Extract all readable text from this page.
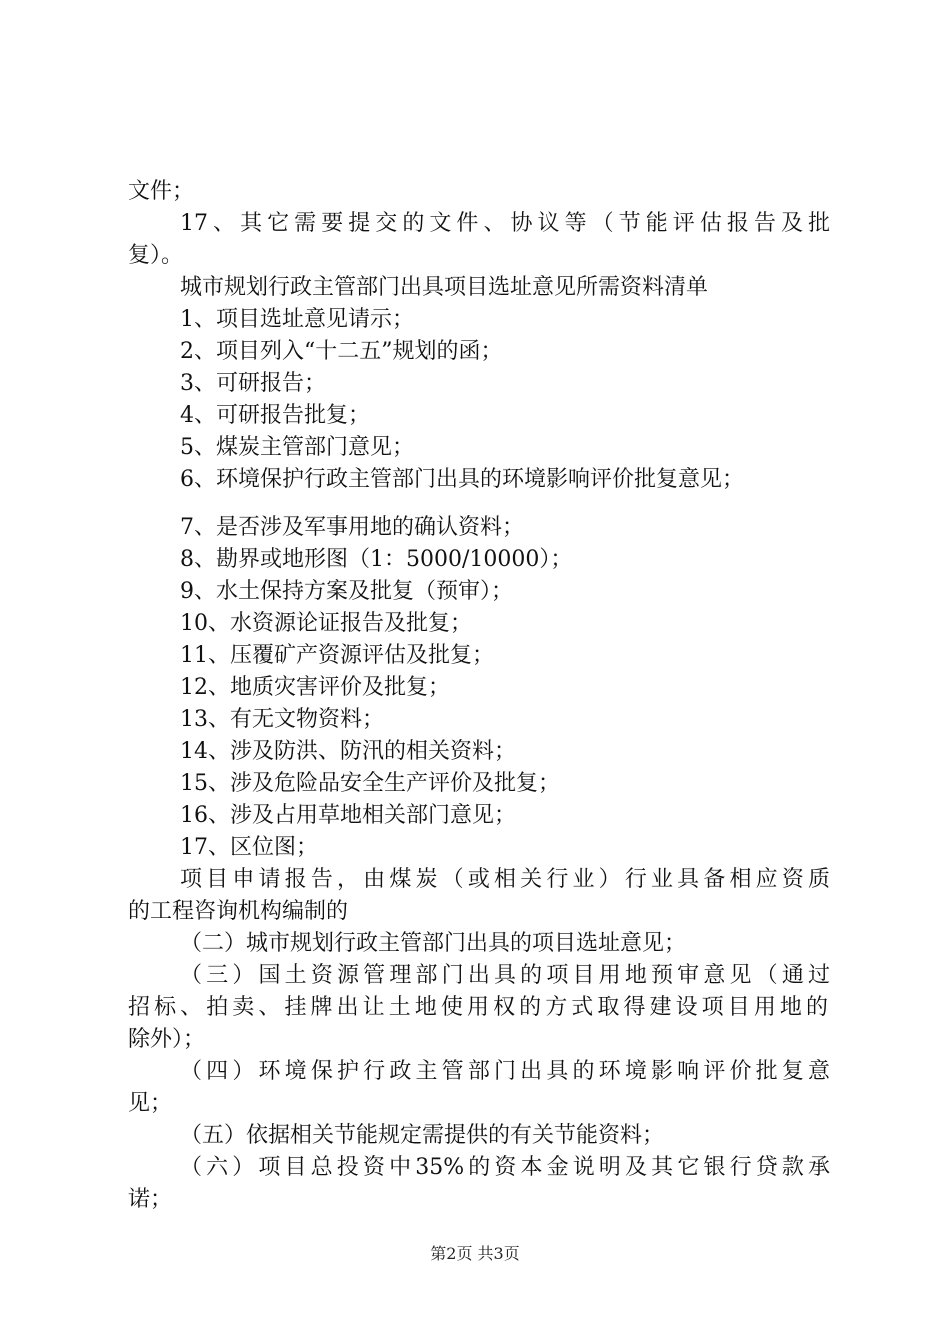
文件；
17、其它需要提交的文件、协议等（节能评估报告及批
复）。
城市规划行政主管部门出具项目选址意见所需资料清单
1、项目选址意见请示；
2、项目列入“十二五”规划的函；
3、可研报告；
4、可研报告批复；
5、煤炭主管部门意见；
6、环境保护行政主管部门出具的环境影响评价批复意见；
7、是否涉及军事用地的确认资料；
8、勘界或地形图（1：5000/10000）；
9、水土保持方案及批复（预审）；
10、水资源论证报告及批复；
11、压覆矿产资源评估及批复；
12、地质灾害评价及批复；
13、有无文物资料；
14、涉及防洪、防汛的相关资料；
15、涉及危险品安全生产评价及批复；
16、涉及占用草地相关部门意见；
17、区位图；
项目申请报告，由煤炭（或相关行业）行业具备相应资质
的工程咨询机构编制的
（二）城市规划行政主管部门出具的项目选址意见；
（三）国土资源管理部门出具的项目用地预审意见（通过
招标、拍卖、挂牌出让土地使用权的方式取得建设项目用地的
除外）；
（四）环境保护行政主管部门出具的环境影响评价批复意
见；
（五）依据相关节能规定需提供的有关节能资料；
（六）项目总投资中35%的资本金说明及其它银行贷款承
诺；
第2页 共3页
